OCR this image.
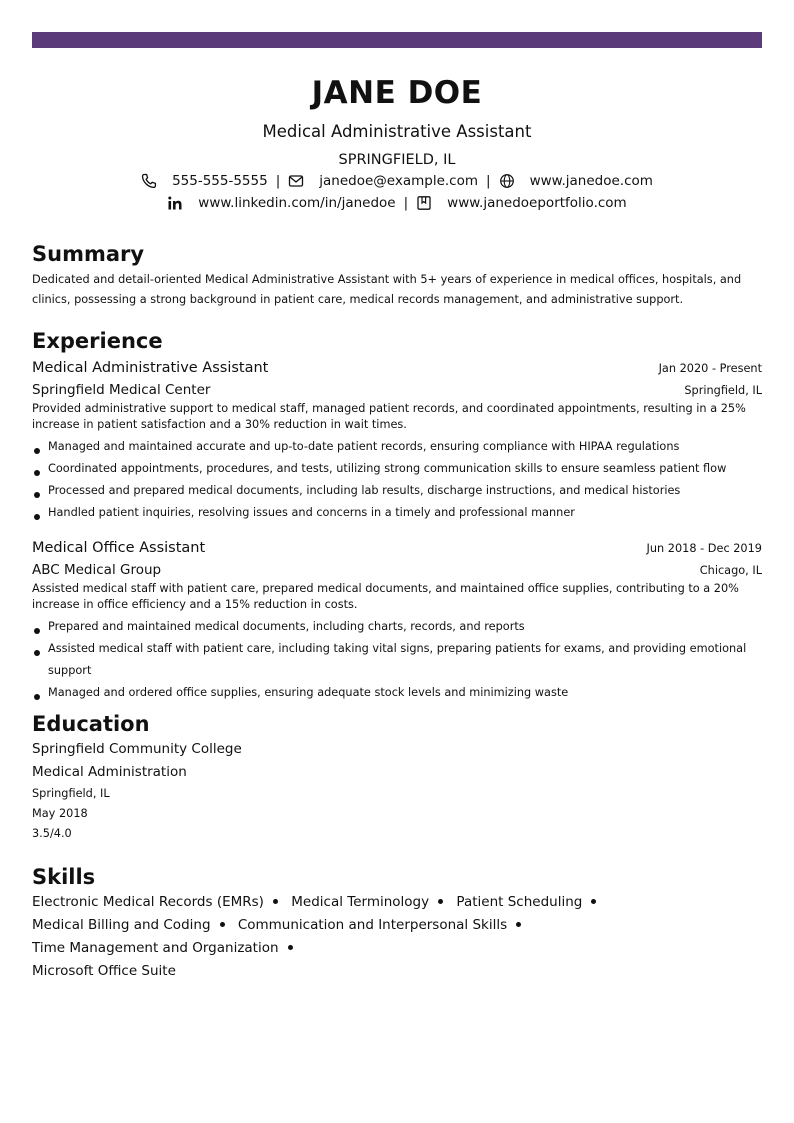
JANE DOE
Medical Administrative Assistant
SPRINGFIELD, IL
555-555-5555 |	janedoe@example.com |	www.janedoe.com
www.linkedin.com/in/janedoe |	www.janedoeportfolio.com
Summary
Dedicated and detail-oriented Medical Administrative Assistant with 5+ years of experience in medical offices, hospitals, and clinics, possessing a strong background in patient care, medical records management, and administrative support.
Experience
Medical Administrative Assistant	Jan 2020 - Present
Springfield Medical Center	Springfield, IL
Provided administrative support to medical staff, managed patient records, and coordinated appointments, resulting in a 25% increase in patient satisfaction and a 30% reduction in wait times.
Managed and maintained accurate and up-to-date patient records, ensuring compliance with HIPAA regulations
Coordinated appointments, procedures, and tests, utilizing strong communication skills to ensure seamless patient flow
Processed and prepared medical documents, including lab results, discharge instructions, and medical histories
Handled patient inquiries, resolving issues and concerns in a timely and professional manner
Medical Office Assistant	Jun 2018 - Dec 2019
ABC Medical Group	Chicago, IL
Assisted medical staff with patient care, prepared medical documents, and maintained office supplies, contributing to a 20% increase in office efficiency and a 15% reduction in costs.
Prepared and maintained medical documents, including charts, records, and reports
Assisted medical staff with patient care, including taking vital signs, preparing patients for exams, and providing emotional support
Managed and ordered office supplies, ensuring adequate stock levels and minimizing waste
Education
Springfield Community College
Medical Administration
Springfield, IL
May 2018
3.5/4.0
Skills
Electronic Medical Records (EMRs) Medical Terminology Patient Scheduling
Medical Billing and Coding Communication and Interpersonal Skills Time Management and Organization
Microsoft Office Suite
